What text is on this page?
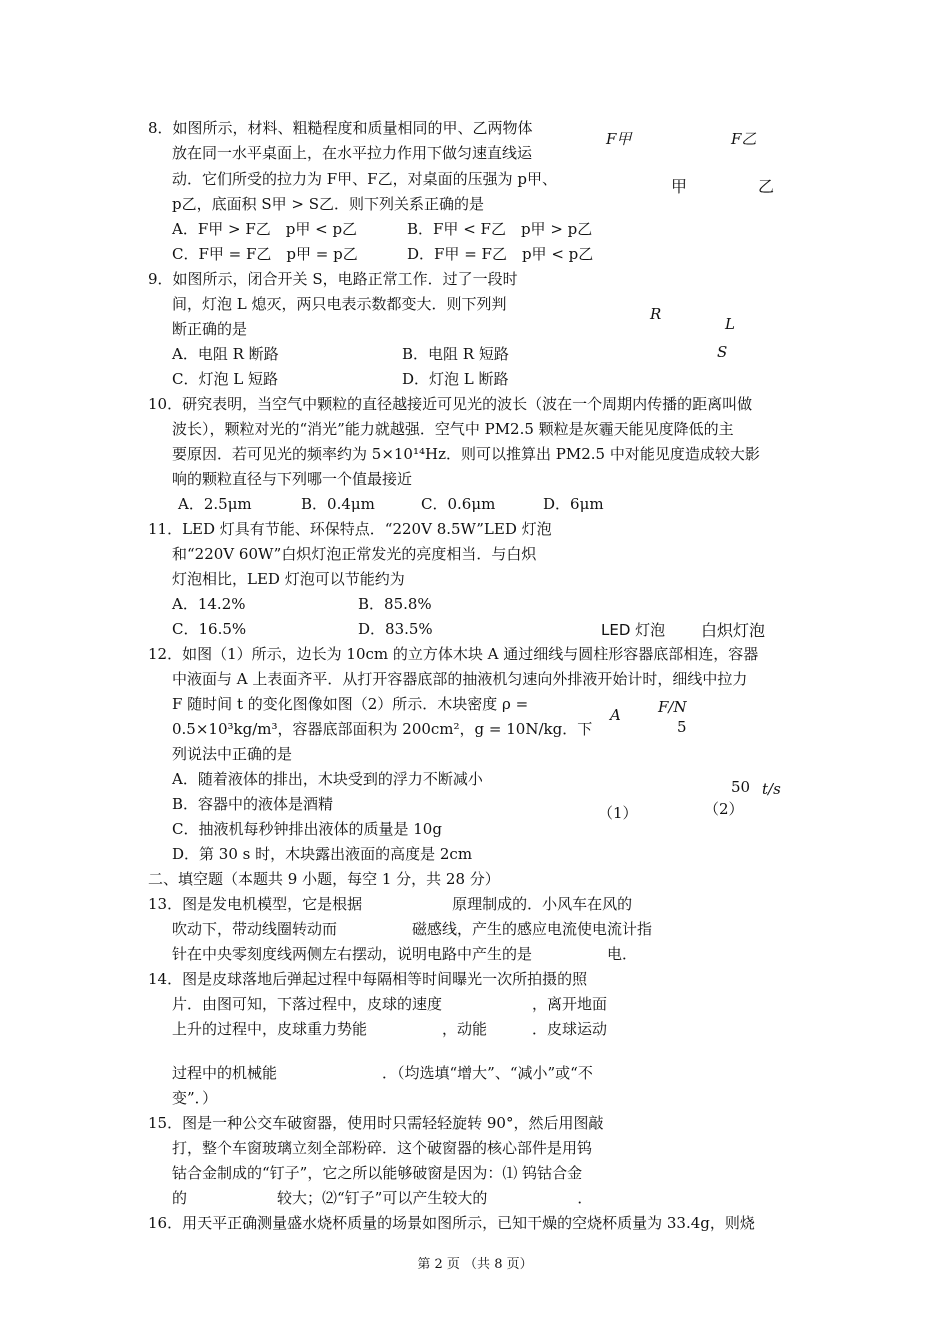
8．如图所示，材料、粗糙程度和质量相同的甲、乙两物体
放在同一水平桌面上，在水平拉力作用下做匀速直线运
动．它们所受的拉力为 F甲、F乙，对桌面的压强为 p甲、
p乙，底面积 S甲 > S乙．则下列关系正确的是
A．F甲 > F乙　p甲 < p乙	B．F甲 < F乙　p甲 > p乙
C．F甲 = F乙　p甲 = p乙	D．F甲 = F乙　p甲 < p乙
9．如图所示，闭合开关 S，电路正常工作．过了一段时
间，灯泡 L 熄灭，两只电表示数都变大．则下列判
断正确的是
A．电阻 R 断路	B．电阻 R 短路
C．灯泡 L 短路	D．灯泡 L 断路
10．研究表明，当空气中颗粒的直径越接近可见光的波长（波在一个周期内传播的距离叫做
波长），颗粒对光的“消光”能力就越强．空气中 PM2.5 颗粒是灰霾天能见度降低的主
要原因．若可见光的频率约为 5×10¹⁴Hz．则可以推算出 PM2.5 中对能见度造成较大影
响的颗粒直径与下列哪一个值最接近
A．2.5μm	B．0.4μm	C．0.6μm	D．6μm
11．LED 灯具有节能、环保特点．“220V 8.5W”LED 灯泡
和“220V 60W”白炽灯泡正常发光的亮度相当．与白炽
灯泡相比，LED 灯泡可以节能约为
A．14.2%	B．85.8%
C．16.5%	D．83.5%
12．如图（1）所示，边长为 10cm 的立方体木块 A 通过细线与圆柱形容器底部相连，容器
中液面与 A 上表面齐平．从打开容器底部的抽液机匀速向外排液开始计时，细线中拉力
F 随时间 t 的变化图像如图（2）所示．木块密度 ρ =
0.5×10³kg/m³，容器底部面积为 200cm²，g = 10N/kg．下
列说法中正确的是
A．随着液体的排出，木块受到的浮力不断减小
B．容器中的液体是酒精
C．抽液机每秒钟排出液体的质量是 10g
D．第 30 s 时，木块露出液面的高度是 2cm
二、填空题（本题共 9 小题，每空 1 分，共 28 分）
13．图是发电机模型，它是根据　　　　　　原理制成的．小风车在风的
吹动下，带动线圈转动而　　　　　磁感线，产生的感应电流使电流计指
针在中央零刻度线两侧左右摆动，说明电路中产生的是　　　　　电．
14．图是皮球落地后弹起过程中每隔相等时间曝光一次所拍摄的照
片．由图可知，下落过程中，皮球的速度　　　　　　，离开地面
上升的过程中，皮球重力势能　　　　　，动能　　　．皮球运动
过程中的机械能　　　　　　　．（均选填“增大”、“减小”或“不
变”．）
15．图是一种公交车破窗器，使用时只需轻轻旋转 90°，然后用图敲
打，整个车窗玻璃立刻全部粉碎．这个破窗器的核心部件是用钨
钴合金制成的“钉子”，它之所以能够破窗是因为：⑴ 钨钴合金
的　　　　　　较大；⑵“钉子”可以产生较大的　　　　　　．
16．用天平正确测量盛水烧杯质量的场景如图所示，已知干燥的空烧杯质量为 33.4g，则烧
F甲	F乙
甲	乙
R
L
S
LED 灯泡 白炽灯泡
A F/N
5
50 t/s
（1）	（2）
第 2 页 （共 8 页）
